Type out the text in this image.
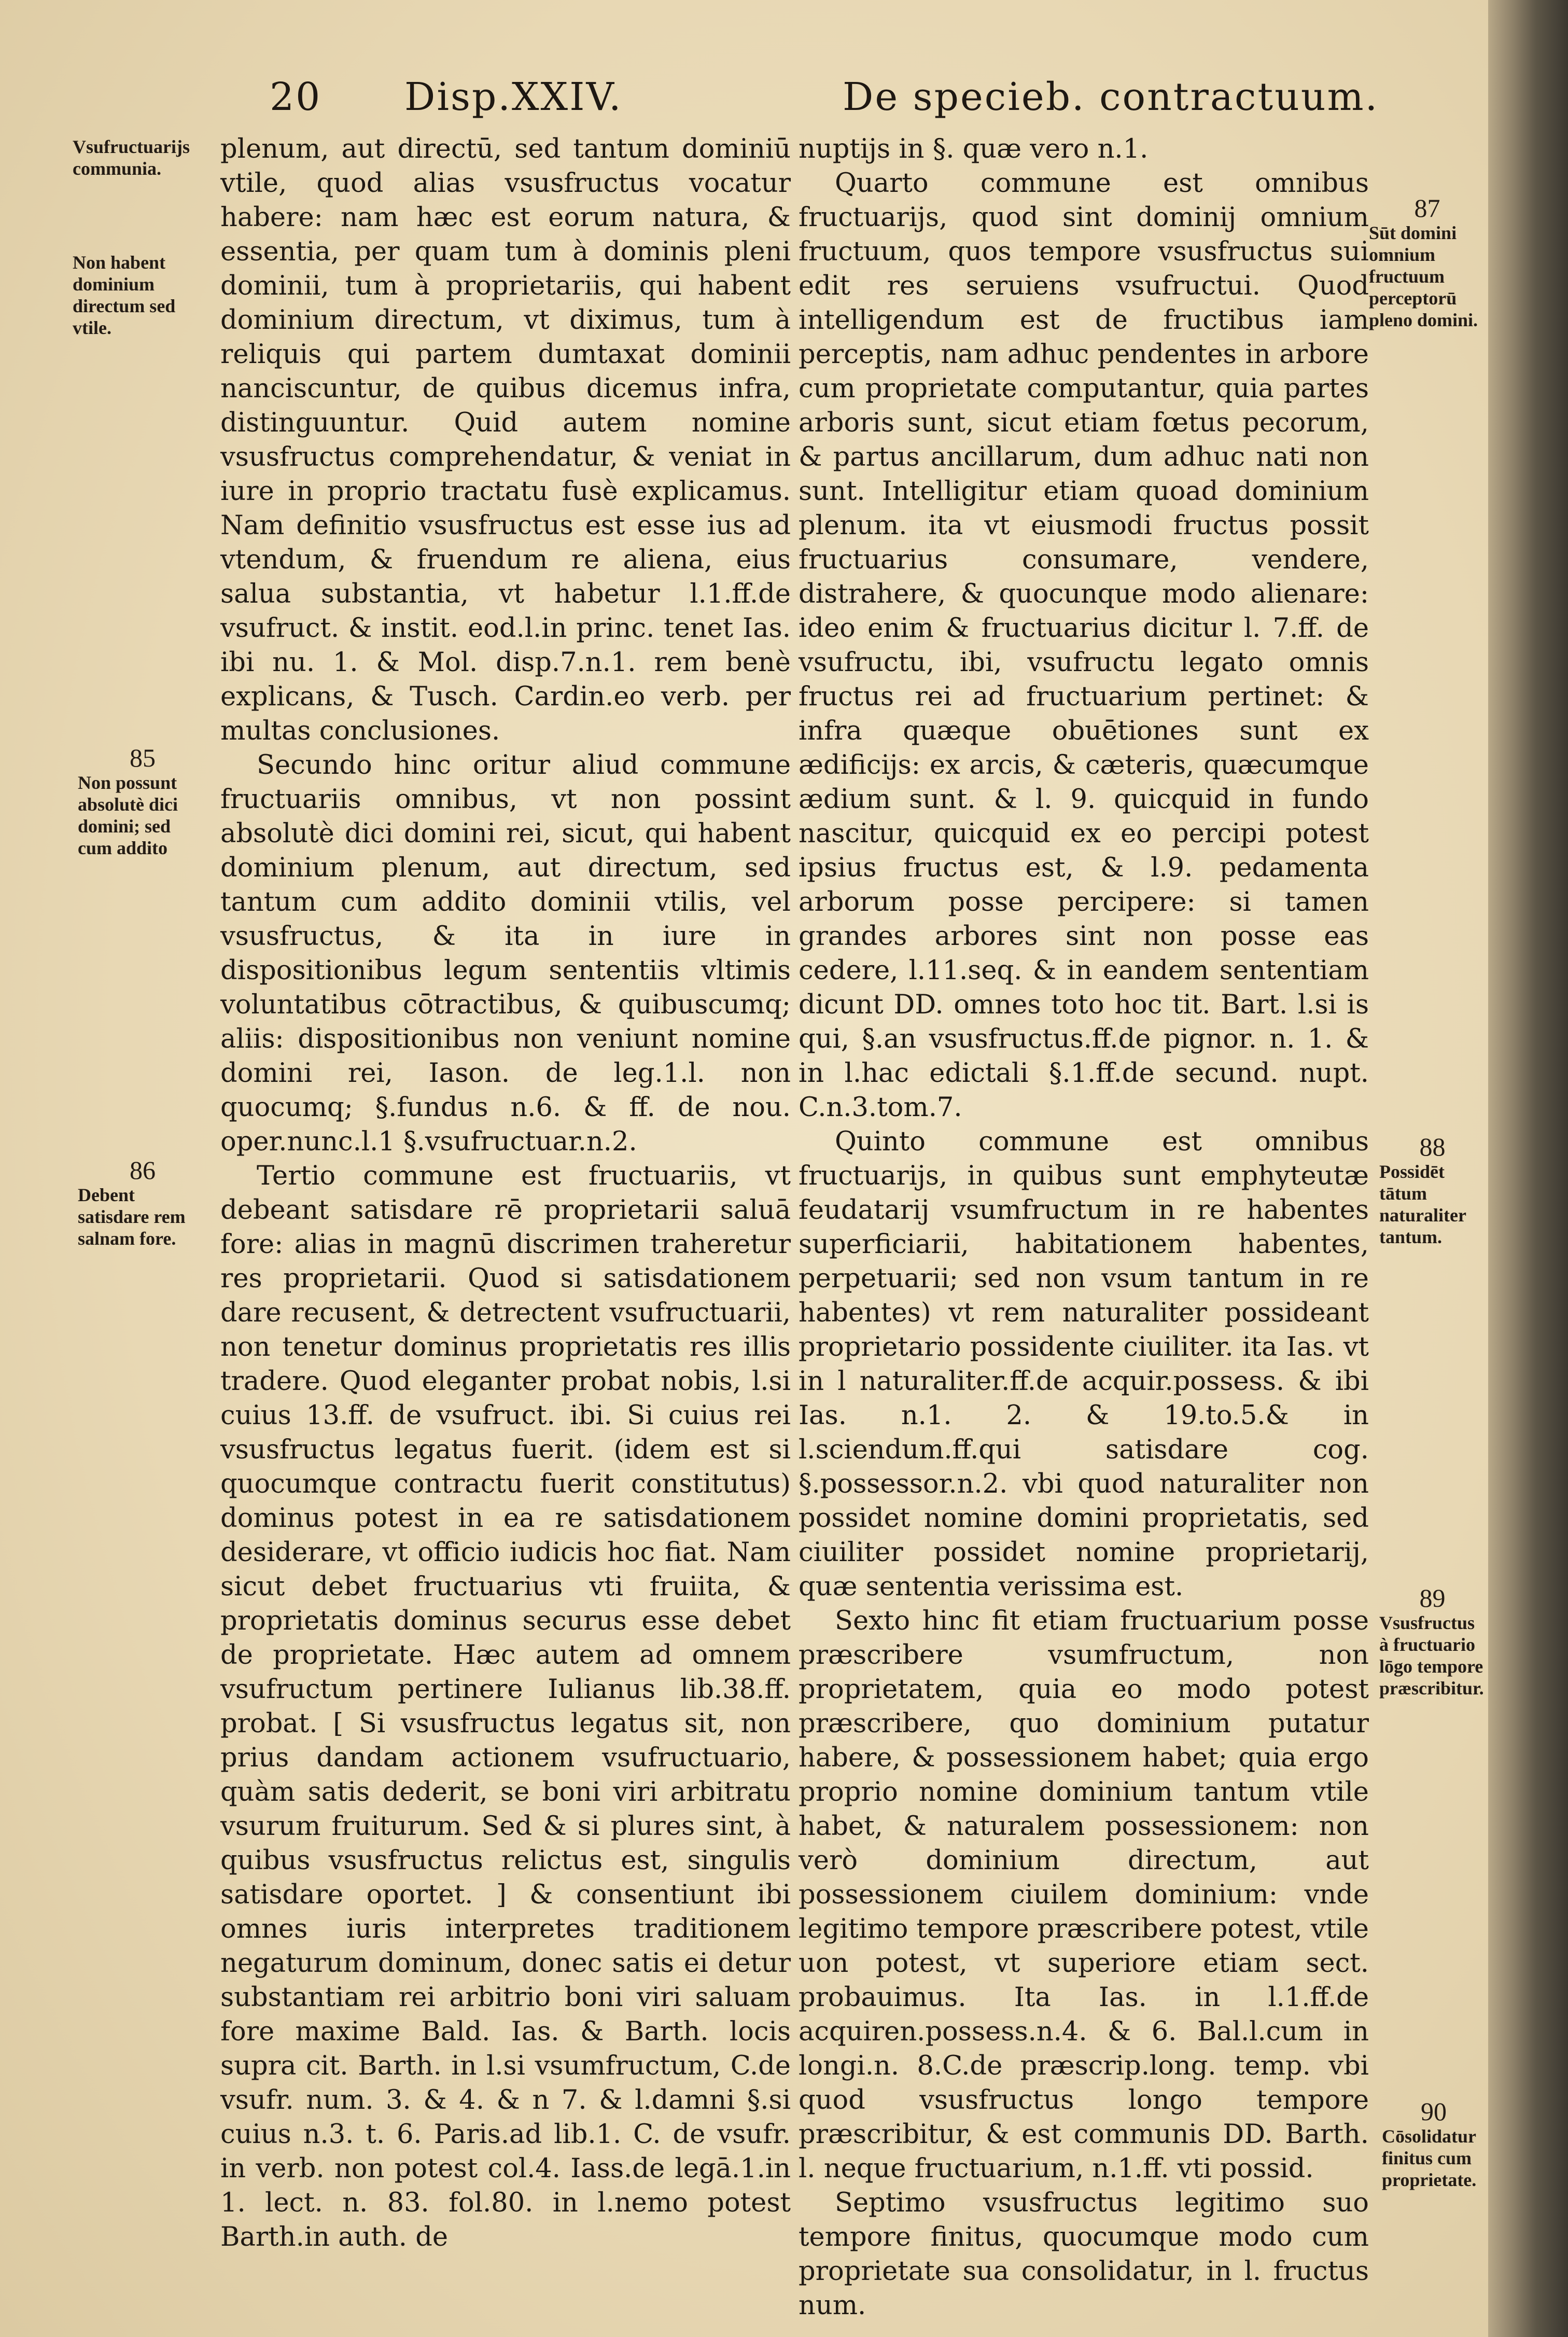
20 Disp.XXIV.	De specieb. contractuum.

plenum, aut directū, sed tantum dominiū vtile, quod alias vsusfructus vocatur habere: nam hæc est eorum natura, & essentia, per quam tum à dominis pleni dominii, tum à proprietariis, qui habent dominium directum, vt diximus, tum à reliquis qui partem dumtaxat dominii nanciscuntur, de quibus dicemus infra, distinguuntur. Quid autem nomine vsusfructus comprehendatur, & veniat in iure in proprio tractatu fusè explicamus. Nam definitio vsusfructus est esse ius ad vtendum, & fruendum re aliena, eius salua substantia, vt habetur l.1.ff.de vsufruct. & instit. eod.l.in princ. tenet Ias. ibi nu. 1. & Mol. disp.7.n.1. rem benè explicans, & Tusch. Cardin.eo verb. per multas conclusiones.

Secundo hinc oritur aliud commune fructuariis omnibus, vt non possint absolutè dici domini rei, sicut, qui habent dominium plenum, aut directum, sed tantum cum addito dominii vtilis, vel vsusfructus, & ita in iure in dispositionibus legum sententiis vltimis voluntatibus cōtractibus, & quibuscumq; aliis: dispositionibus non veniunt nomine domini rei, Iason. de leg.1.l. non quocumq; §.fundus n.6. & ff. de nou. oper.nunc.l.1 §.vsufructuar.n.2.

Tertio commune est fructuariis, vt debeant satisdare rē proprietarii saluā fore: alias in magnū discrimen traheretur res proprietarii. Quod si satisdationem dare recusent, & detrectent vsufructuarii, non tenetur dominus proprietatis res illis tradere. Quod eleganter probat nobis, l.si cuius 13.ff. de vsufruct. ibi. Si cuius rei vsusfructus legatus fuerit. (idem est si quocumque contractu fuerit constitutus) dominus potest in ea re satisdationem desiderare, vt officio iudicis hoc fiat. Nam sicut debet fructuarius vti fruiita, & proprietatis dominus securus esse debet de proprietate. Hæc autem ad omnem vsufructum pertinere Iulianus lib.38.ff. probat. [ Si vsusfructus legatus sit, non prius dandam actionem vsufructuario, quàm satis dederit, se boni viri arbitratu vsurum fruiturum. Sed & si plures sint, à quibus vsusfructus relictus est, singulis satisdare oportet. ] & consentiunt ibi omnes iuris interpretes traditionem negaturum dominum, donec satis ei detur substantiam rei arbitrio boni viri saluam fore maxime Bald. Ias. & Barth. locis supra cit. Barth. in l.si vsumfructum, C.de vsufr. num. 3. & 4. & n 7. & l.damni §.si cuius n.3. t. 6. Paris.ad lib.1. C. de vsufr. in verb. non potest col.4. Iass.de legā.1.in 1. lect. n. 83. fol.80. in l.nemo potest Barth.in auth. de

nuptijs in §. quæ vero n.1.

Quarto commune est omnibus fructuarijs, quod sint dominij omnium fructuum, quos tempore vsusfructus sui edit res seruiens vsufructui. Quod intelligendum est de fructibus iam perceptis, nam adhuc pendentes in arbore cum proprietate computantur, quia partes arboris sunt, sicut etiam fœtus pecorum, & partus ancillarum, dum adhuc nati non sunt. Intelligitur etiam quoad dominium plenum. ita vt eiusmodi fructus possit fructuarius consumare, vendere, distrahere, & quocunque modo alienare: ideo enim & fructuarius dicitur l. 7.ff. de vsufructu, ibi, vsufructu legato omnis fructus rei ad fructuarium pertinet: & infra quæque obuētiones sunt ex ædificijs: ex arcis, & cæteris, quæcumque ædium sunt. & l. 9. quicquid in fundo nascitur, quicquid ex eo percipi potest ipsius fructus est, & l.9. pedamenta arborum posse percipere: si tamen grandes arbores sint non posse eas cedere, l.11.seq. & in eandem sententiam dicunt DD. omnes toto hoc tit. Bart. l.si is qui, §.an vsusfructus.ff.de pignor. n. 1. & in l.hac edictali §.1.ff.de secund. nupt. C.n.3.tom.7.

Quinto commune est omnibus fructuarijs, in quibus sunt emphyteutæ feudatarij vsumfructum in re habentes superficiarii, habitationem habentes, perpetuarii; sed non vsum tantum in re habentes) vt rem naturaliter possideant proprietario possidente ciuiliter. ita Ias. vt in l naturaliter.ff.de acquir.possess. & ibi Ias. n.1. 2. & 19.to.5.& in l.sciendum.ff.qui satisdare cog. §.possessor.n.2. vbi quod naturaliter non possidet nomine domini proprietatis, sed ciuiliter possidet nomine proprietarij, quæ sententia verissima est.

Sexto hinc fit etiam fructuarium posse præscribere vsumfructum, non proprietatem, quia eo modo potest præscribere, quo dominium putatur habere, & possessionem habet; quia ergo proprio nomine dominium tantum vtile habet, & naturalem possessionem: non verò dominium directum, aut possessionem ciuilem dominium: vnde legitimo tempore præscribere potest, vtile uon potest, vt superiore etiam sect. probauimus. Ita Ias. in l.1.ff.de acquiren.possess.n.4. & 6. Bal.l.cum in longi.n. 8.C.de præscrip.long. temp. vbi quod vsusfructus longo tempore præscribitur, & est communis DD. Barth. l. neque fructuarium, n.1.ff. vti possid.

Septimo vsusfructus legitimo suo tempore finitus, quocumque modo cum proprietate sua consolidatur, in l. fructus num.

Vsufructuarijs communia.
Non habent dominium directum sed vtile.
85
Non possunt absolutè dici domini; sed cum addito
86
Debent satisdare rem salnam fore.
87
Sūt domini omnium fructuum perceptorū pleno domini.
88
Possidēt tātum naturaliter tantum.
89
Vsusfructus à fructuario lōgo tempore præscribitur.
90
Cōsolidatur finitus cum proprietate.
